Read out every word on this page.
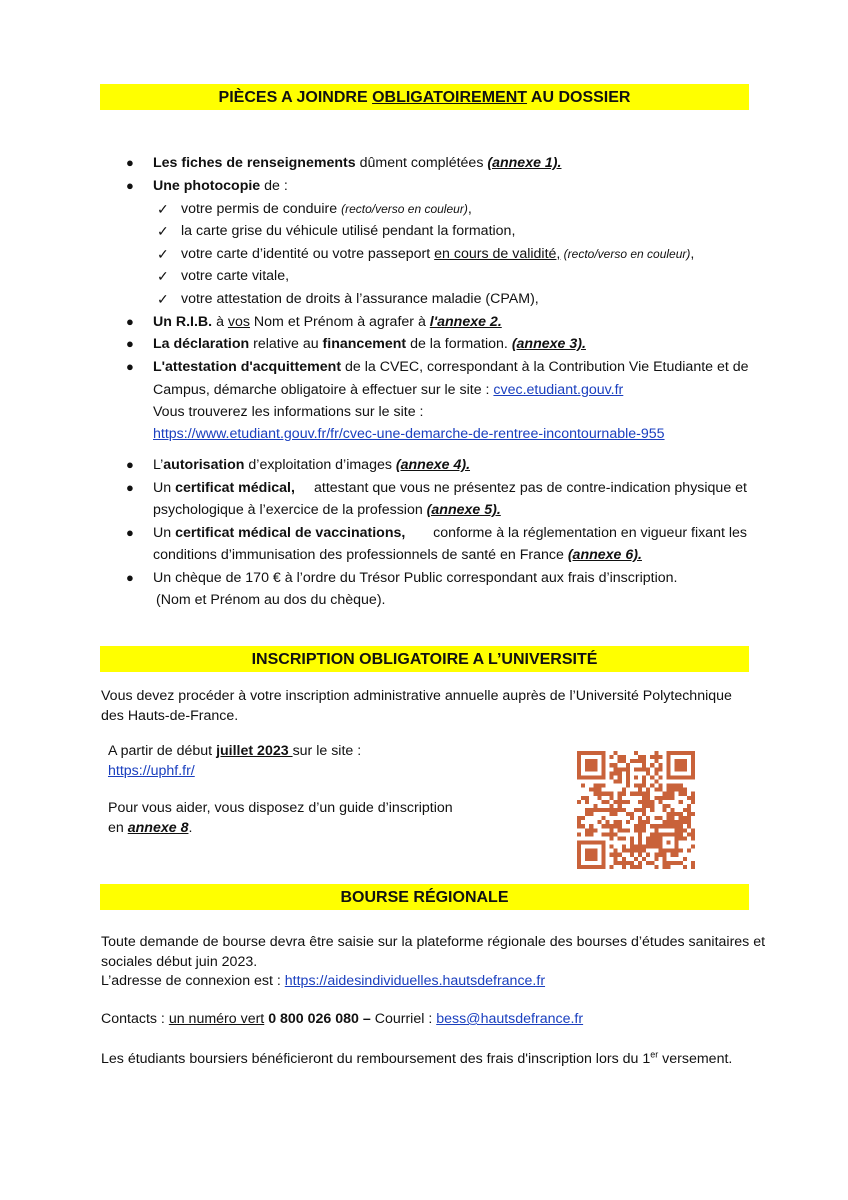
PIÈCES A JOINDRE OBLIGATOIREMENT AU DOSSIER
● Les fiches de renseignements dûment complétées (annexe 1).
● Une photocopie de :
✓ votre permis de conduire (recto/verso en couleur),
✓ la carte grise du véhicule utilisé pendant la formation,
✓ votre carte d’identité ou votre passeport en cours de validité, (recto/verso en couleur),
✓ votre carte vitale,
✓ votre attestation de droits à l’assurance maladie (CPAM),
● Un R.I.B. à vos Nom et Prénom à agrafer à l'annexe 2.
● La déclaration relative au financement de la formation. (annexe 3).
● L'attestation d'acquittement de la CVEC, correspondant à la Contribution Vie Etudiante et de
Campus, démarche obligatoire à effectuer sur le site : cvec.etudiant.gouv.fr
Vous trouverez les informations sur le site :
https://www.etudiant.gouv.fr/fr/cvec-une-demarche-de-rentree-incontournable-955
● L’autorisation d’exploitation d’images (annexe 4).
● Un certificat médical, attestant que vous ne présentez pas de contre-indication physique et
psychologique à l’exercice de la profession (annexe 5).
● Un certificat médical de vaccinations, conforme à la réglementation en vigueur fixant les
conditions d’immunisation des professionnels de santé en France (annexe 6).
● Un chèque de 170 € à l’ordre du Trésor Public correspondant aux frais d’inscription.
(Nom et Prénom au dos du chèque).
INSCRIPTION OBLIGATOIRE A L’UNIVERSITÉ
Vous devez procéder à votre inscription administrative annuelle auprès de l’Université Polytechnique
des Hauts-de-France.
A partir de début juillet 2023 sur le site :
https://uphf.fr/
Pour vous aider, vous disposez d’un guide d’inscription
en annexe 8.
BOURSE RÉGIONALE
Toute demande de bourse devra être saisie sur la plateforme régionale des bourses d’études sanitaires et
sociales début juin 2023.
L’adresse de connexion est : https://aidesindividuelles.hautsdefrance.fr
Contacts : un numéro vert 0 800 026 080 – Courriel : bess@hautsdefrance.fr
Les étudiants boursiers bénéficieront du remboursement des frais d'inscription lors du 1er versement.
